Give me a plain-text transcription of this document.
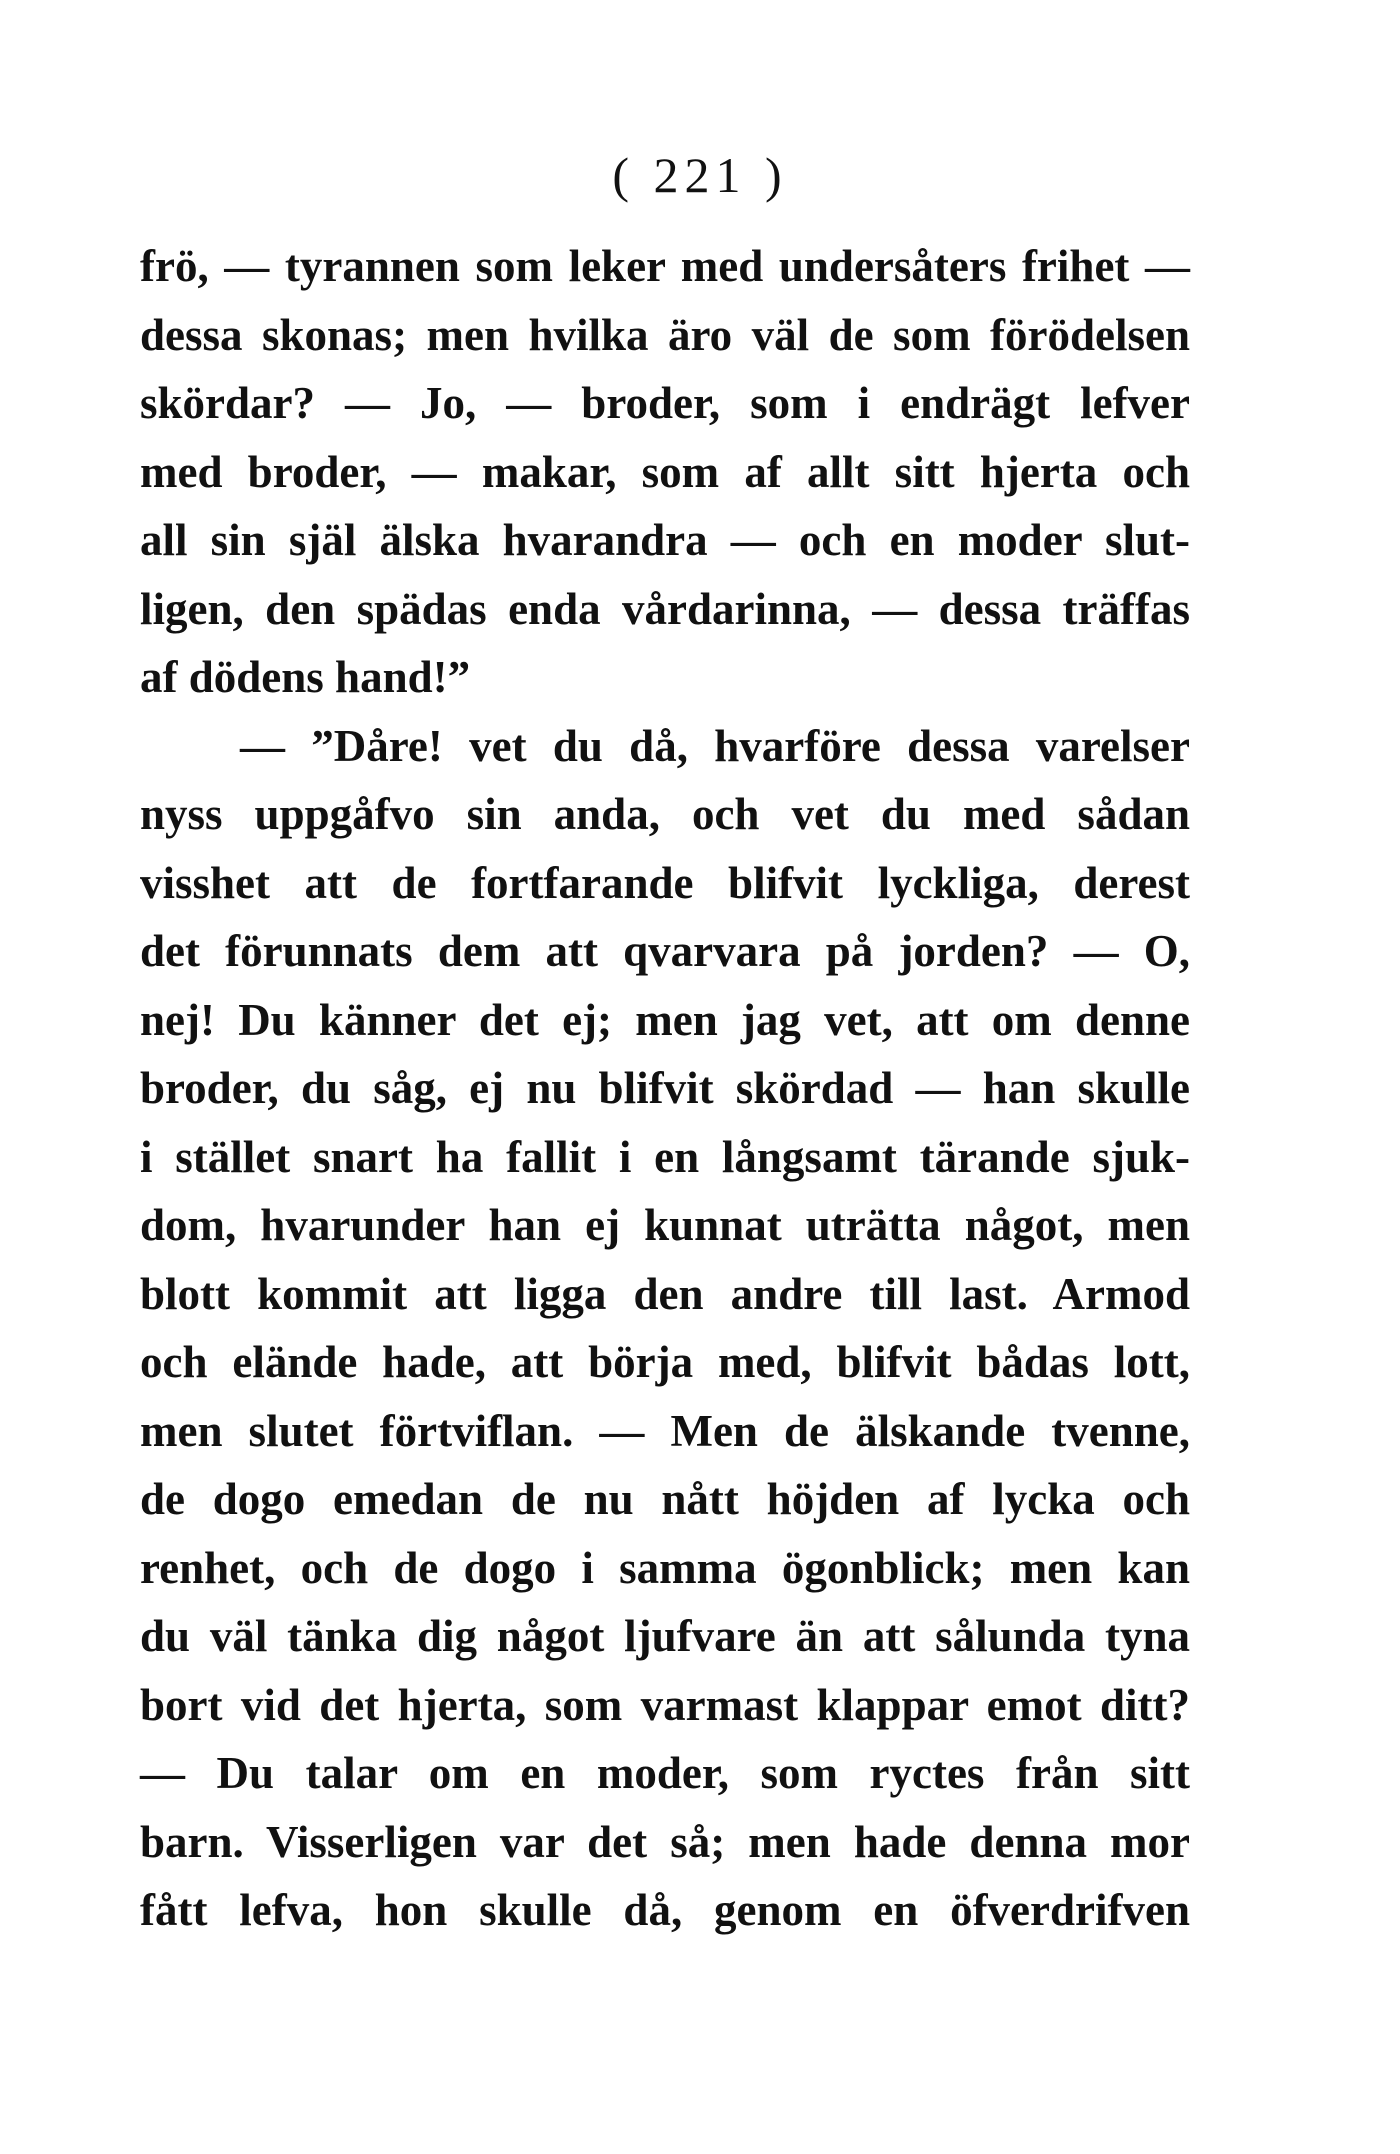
( 221 )
frö, — tyrannen som leker med undersåters frihet —
dessa skonas; men hvilka äro väl de som förödelsen
skördar? — Jo, — broder, som i endrägt lefver
med broder, — makar, som af allt sitt hjerta och
all sin själ älska hvarandra — och en moder slut-
ligen, den spädas enda vårdarinna, — dessa träffas
af dödens hand!”
— ”Dåre! vet du då, hvarföre dessa varelser
nyss uppgåfvo sin anda, och vet du med sådan
visshet att de fortfarande blifvit lyckliga, derest
det förunnats dem att qvarvara på jorden? — O,
nej! Du känner det ej; men jag vet, att om denne
broder, du såg, ej nu blifvit skördad — han skulle
i stället snart ha fallit i en långsamt tärande sjuk-
dom, hvarunder han ej kunnat uträtta något, men
blott kommit att ligga den andre till last. Armod
och elände hade, att börja med, blifvit bådas lott,
men slutet förtviflan. — Men de älskande tvenne,
de dogo emedan de nu nått höjden af lycka och
renhet, och de dogo i samma ögonblick; men kan
du väl tänka dig något ljufvare än att sålunda tyna
bort vid det hjerta, som varmast klappar emot ditt?
— Du talar om en moder, som ryctes från sitt
barn. Visserligen var det så; men hade denna mor
fått lefva, hon skulle då, genom en öfverdrifven
